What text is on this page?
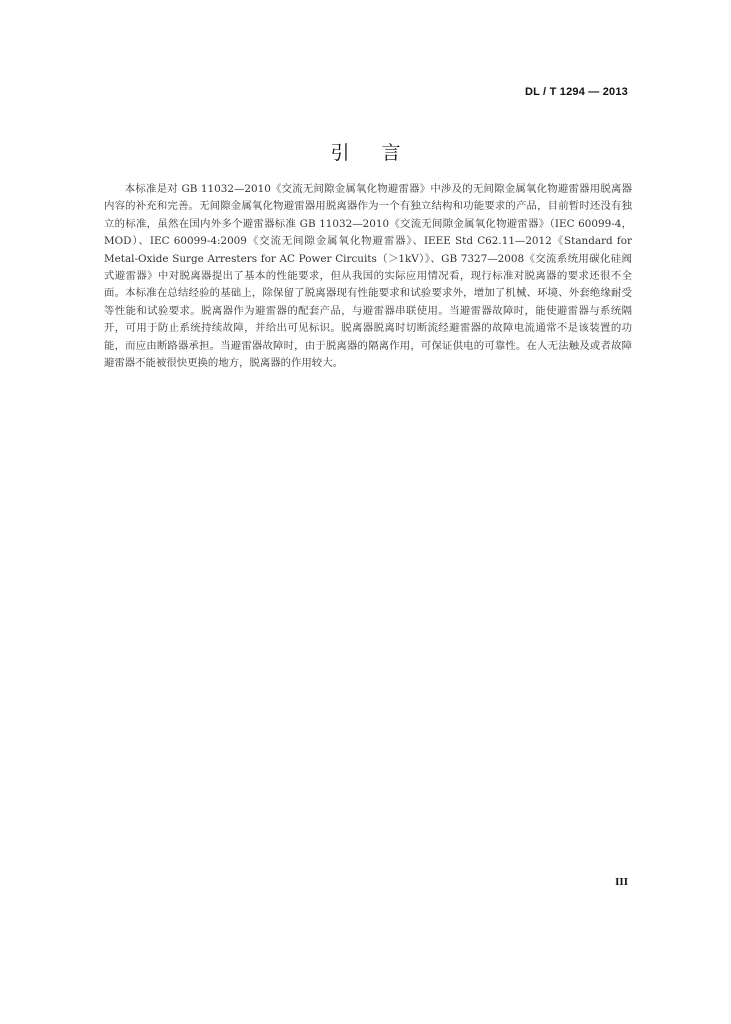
DL / T 1294 — 2013
引言

本标准是对 GB 11032—2010《交流无间隙金属氧化物避雷器》中涉及的无间隙金属氧化物避雷器用脱离器内容的补充和完善。无间隙金属氧化物避雷器用脱离器作为一个有独立结构和功能要求的产品，目前暂时还没有独立的标准，虽然在国内外多个避雷器标准 GB 11032—2010《交流无间隙金属氧化物避雷器》（IEC 60099-4，MOD）、IEC 60099-4:2009《交流无间隙金属氧化物避雷器》、IEEE Std C62.11—2012《Standard for Metal-Oxide Surge Arresters for AC Power Circuits（＞1kV）》、GB 7327—2008《交流系统用碳化硅阀式避雷器》中对脱离器提出了基本的性能要求，但从我国的实际应用情况看，现行标准对脱离器的要求还很不全面。本标准在总结经验的基础上，除保留了脱离器现有性能要求和试验要求外，增加了机械、环境、外套绝缘耐受等性能和试验要求。脱离器作为避雷器的配套产品，与避雷器串联使用。当避雷器故障时，能使避雷器与系统隔开，可用于防止系统持续故障，并给出可见标识。脱离器脱离时切断流经避雷器的故障电流通常不是该装置的功能，而应由断路器承担。当避雷器故障时，由于脱离器的隔离作用，可保证供电的可靠性。在人无法触及或者故障避雷器不能被很快更换的地方，脱离器的作用较大。

III
